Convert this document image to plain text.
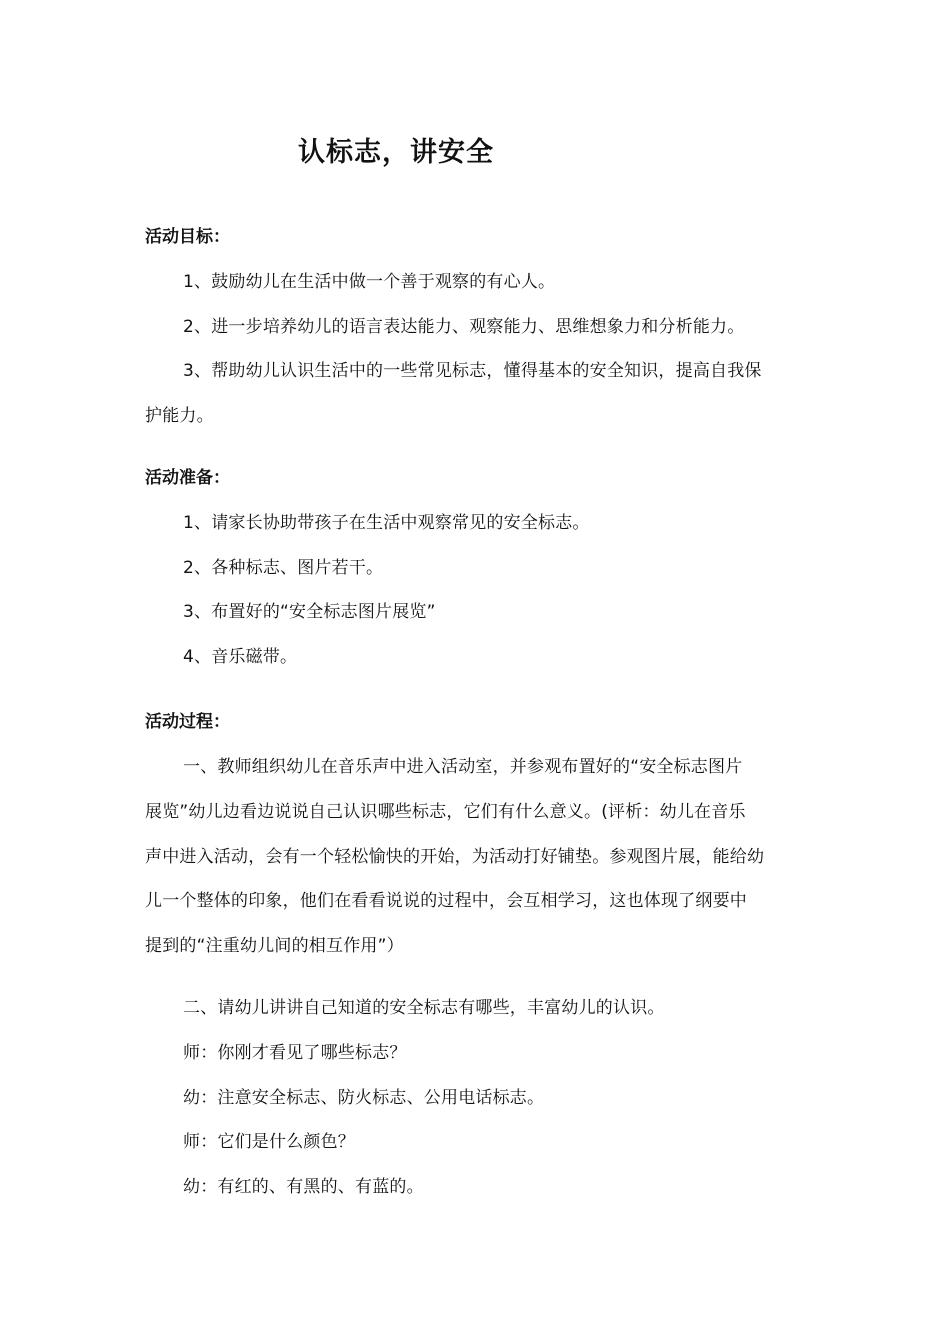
认标志，讲安全
活动目标：
1、鼓励幼儿在生活中做一个善于观察的有心人。
2、进一步培养幼儿的语言表达能力、观察能力、思维想象力和分析能力。
3、帮助幼儿认识生活中的一些常见标志，懂得基本的安全知识，提高自我保
护能力。
活动准备：
1、请家长协助带孩子在生活中观察常见的安全标志。
2、各种标志、图片若干。
3、布置好的“安全标志图片展览”
4、音乐磁带。
活动过程：
一、教师组织幼儿在音乐声中进入活动室，并参观布置好的“安全标志图片
展览”幼儿边看边说说自己认识哪些标志，它们有什么意义。(评析：幼儿在音乐
声中进入活动，会有一个轻松愉快的开始，为活动打好铺垫。参观图片展，能给幼
儿一个整体的印象，他们在看看说说的过程中，会互相学习，这也体现了纲要中
提到的“注重幼儿间的相互作用”）
二、请幼儿讲讲自己知道的安全标志有哪些，丰富幼儿的认识。
师：你刚才看见了哪些标志？
幼：注意安全标志、防火标志、公用电话标志。
师：它们是什么颜色？
幼：有红的、有黑的、有蓝的。
